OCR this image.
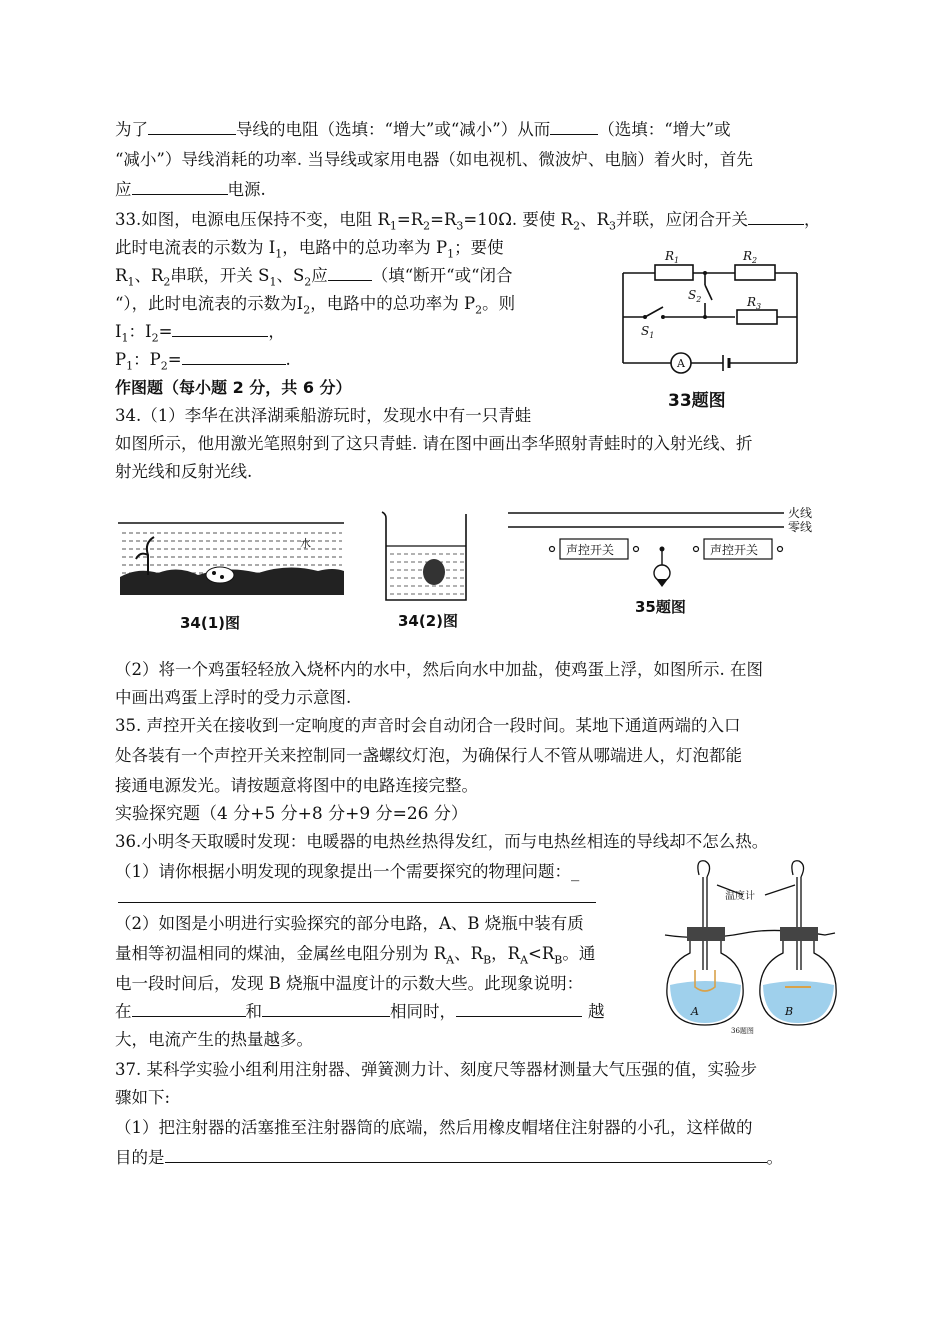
为了	导线的电阻（选填：“增大”或“减小”）从而	（选填：“增大”或
“减小”）导线消耗的功率. 当导线或家用电器（如电视机、微波炉、电脑）着火时，首先
应	电源.
33.如图，电源电压保持不变，电阻 $R_1=R_2=R_3=10\Omega$. 要使 $R_2$、$R_3$并联，应闭合开关	，
此时电流表的示数为 $I_1$，电路中的总功率为 $P_1$；要使
$R_1$、$R_2$串联，开关 $S_1$、$S_2$应	（填“断开“或“闭合
“），此时电流表的示数为$I_2$，电路中的总功率为 $P_2$。则
$I_1$：$I_2=$	，
$P_1$：$P_2=$	.
作图题（每小题 2 分，共 6 分）
34.（1）李华在洪泽湖乘船游玩时，发现水中有一只青蛙
如图所示，他用激光笔照射到了这只青蛙. 请在图中画出李华照射青蛙时的入射光线、折
射光线和反射光线.
$R_1$	$R_2$
$R_3$
$S_1$
$S_2$
A
33题图
水
34(1)图	34(2)图
火线
零线
声控开关	声控开关
35题图
（2）将一个鸡蛋轻轻放入烧杯内的水中，然后向水中加盐，使鸡蛋上浮，如图所示. 在图
中画出鸡蛋上浮时的受力示意图.
35. 声控开关在接收到一定响度的声音时会自动闭合一段时间。某地下通道两端的入口
处各装有一个声控开关来控制同一盏螺纹灯泡，为确保行人不管从哪端进人，灯泡都能
接通电源发光。请按题意将图中的电路连接完整。
实验探究题（4 分+5 分+8 分+9 分=26 分）
36.小明冬天取暖时发现：电暖器的电热丝热得发红，而与电热丝相连的导线却不怎么热。
（1）请你根据小明发现的现象提出一个需要探究的物理问题：_
（2）如图是小明进行实验探究的部分电路，A、B 烧瓶中装有质
量相等初温相同的煤油，金属丝电阻分别为 $R_A$、$R_B$，$R_A<R_B$。通
电一段时间后，发现 B 烧瓶中温度计的示数大些。此现象说明：
在	和	相同时，	越
大，电流产生的热量越多。
温度计
A	B
36题图
37. 某科学实验小组利用注射器、弹簧测力计、刻度尺等器材测量大气压强的值，实验步
骤如下:
（1）把注射器的活塞推至注射器筒的底端，然后用橡皮帽堵住注射器的小孔，这样做的
目的是	。
